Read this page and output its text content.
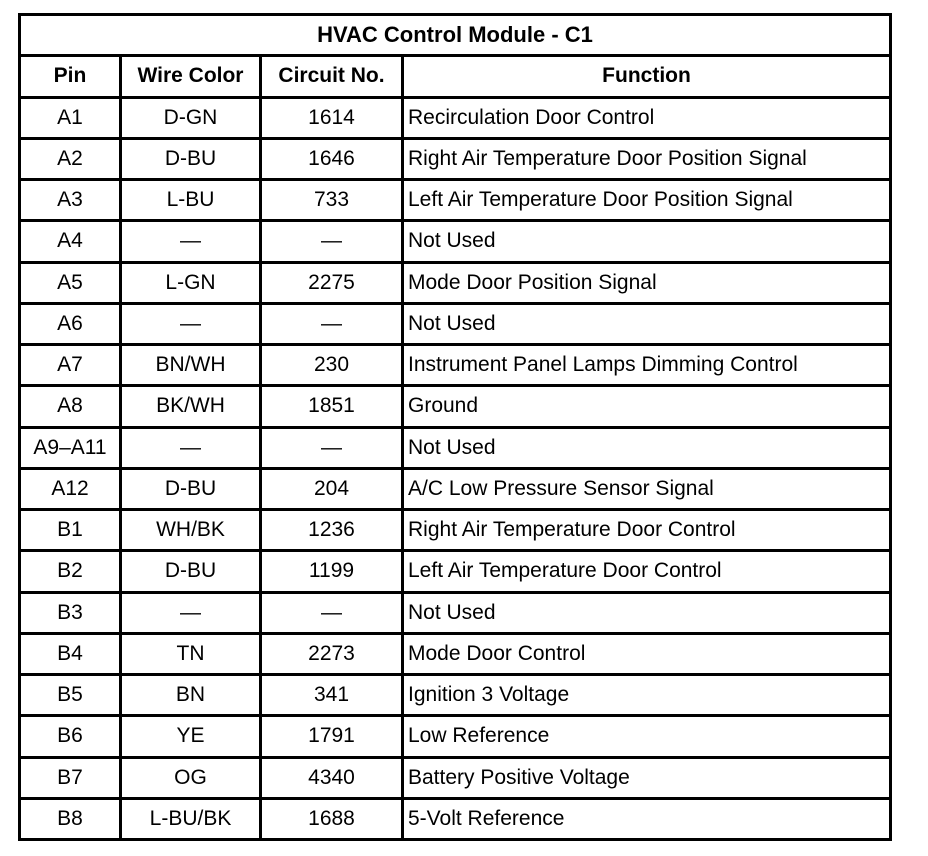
HVAC Control Module - C1
Pin	Wire Color	Circuit No.	Function
A1	D-GN	1614	Recirculation Door Control
A2	D-BU	1646	Right Air Temperature Door Position Signal
A3	L-BU	733	Left Air Temperature Door Position Signal
A4	—	—	Not Used
A5	L-GN	2275	Mode Door Position Signal
A6	—	—	Not Used
A7	BN/WH	230	Instrument Panel Lamps Dimming Control
A8	BK/WH	1851	Ground
A9–A11	—	—	Not Used
A12	D-BU	204	A/C Low Pressure Sensor Signal
B1	WH/BK	1236	Right Air Temperature Door Control
B2	D-BU	1199	Left Air Temperature Door Control
B3	—	—	Not Used
B4	TN	2273	Mode Door Control
B5	BN	341	Ignition 3 Voltage
B6	YE	1791	Low Reference
B7	OG	4340	Battery Positive Voltage
B8	L-BU/BK	1688	5-Volt Reference
